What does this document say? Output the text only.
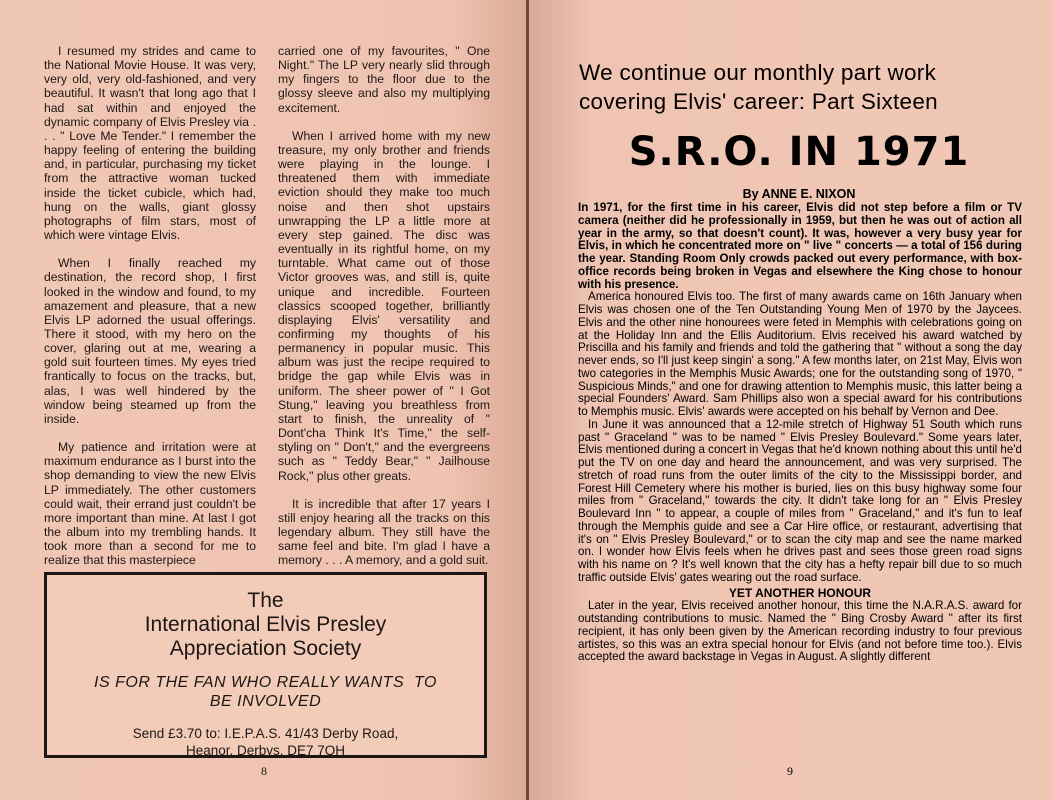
I resumed my strides and came to the National Movie House. It was very, very old, very old-fashioned, and very beautiful. It wasn't that long ago that I had sat within and enjoyed the dynamic company of Elvis Presley via . . . " Love Me Tender." I remember the happy feeling of entering the building and, in particular, purchasing my ticket from the attractive woman tucked inside the ticket cubicle, which had, hung on the walls, giant glossy photographs of film stars, most of which were vintage Elvis.

When I finally reached my destination, the record shop, I first looked in the window and found, to my amazement and pleasure, that a new Elvis LP adorned the usual offerings. There it stood, with my hero on the cover, glaring out at me, wearing a gold suit fourteen times. My eyes tried frantically to focus on the tracks, but, alas, I was well hindered by the window being steamed up from the inside.

My patience and irritation were at maximum endurance as I burst into the shop demanding to view the new Elvis LP immediately. The other customers could wait, their errand just couldn't be more important than mine. At last I got the album into my trembling hands. It took more than a second for me to realize that this masterpiece

carried one of my favourites, " One Night." The LP very nearly slid through my fingers to the floor due to the glossy sleeve and also my multiplying excitement.

When I arrived home with my new treasure, my only brother and friends were playing in the lounge. I threatened them with immediate eviction should they make too much noise and then shot upstairs unwrapping the LP a little more at every step gained. The disc was eventually in its rightful home, on my turntable. What came out of those Victor grooves was, and still is, quite unique and incredible. Fourteen classics scooped together, brilliantly displaying Elvis' versatility and confirming my thoughts of his permanency in popular music. This album was just the recipe required to bridge the gap while Elvis was in uniform. The sheer power of " I Got Stung," leaving you breathless from start to finish, the unreality of " Dont'cha Think It's Time," the self-styling on " Don't," and the evergreens such as " Teddy Bear," " Jailhouse Rock," plus other greats.

It is incredible that after 17 years I still enjoy hearing all the tracks on this legendary album. They still have the same feel and bite. I'm glad I have a memory . . . A memory, and a gold suit.

The
International Elvis Presley
Appreciation Society
IS FOR THE FAN WHO REALLY WANTS  TO
BE INVOLVED
Send £3.70 to: I.E.P.A.S. 41/43 Derby Road,
Heanor, Derbys. DE7 7QH
8
We continue our monthly part work
covering Elvis' career: Part Sixteen
S.R.O. IN 1971
By ANNE E. NIXON

In 1971, for the first time in his career, Elvis did not step before a film or TV camera (neither did he professionally in 1959, but then he was out of action all year in the army, so that doesn't count). It was, however a very busy year for Elvis, in which he concentrated more on " live " concerts — a total of 156 during the year. Standing Room Only crowds packed out every performance, with box-office records being broken in Vegas and elsewhere the King chose to honour with his presence.

America honoured Elvis too. The first of many awards came on 16th January when Elvis was chosen one of the Ten Outstanding Young Men of 1970 by the Jaycees. Elvis and the other nine honourees were feted in Memphis with celebrations going on at the Holiday Inn and the Ellis Auditorium. Elvis received his award watched by Priscilla and his family and friends and told the gathering that " without a song the day never ends, so I'll just keep singin' a song." A few months later, on 21st May, Elvis won two categories in the Memphis Music Awards; one for the outstanding song of 1970, " Suspicious Minds," and one for drawing attention to Memphis music, this latter being a special Founders' Award. Sam Phillips also won a special award for his contributions to Memphis music. Elvis' awards were accepted on his behalf by Vernon and Dee.

In June it was announced that a 12-mile stretch of Highway 51 South which runs past " Graceland " was to be named " Elvis Presley Boulevard." Some years later, Elvis mentioned during a concert in Vegas that he'd known nothing about this until he'd put the TV on one day and heard the announcement, and was very surprised. The stretch of road runs from the outer limits of the city to the Mississippi border, and Forest Hill Cemetery where his mother is buried, lies on this busy highway some four miles from " Graceland," towards the city. It didn't take long for an " Elvis Presley Boulevard Inn " to appear, a couple of miles from " Graceland," and it's fun to leaf through the Memphis guide and see a Car Hire office, or restaurant, advertising that it's on " Elvis Presley Boulevard," or to scan the city map and see the name marked on. I wonder how Elvis feels when he drives past and sees those green road signs with his name on ? It's well known that the city has a hefty repair bill due to so much traffic outside Elvis' gates wearing out the road surface.

YET ANOTHER HONOUR

Later in the year, Elvis received another honour, this time the N.A.R.A.S. award for outstanding contributions to music. Named the " Bing Crosby Award " after its first recipient, it has only been given by the American recording industry to four previous artistes, so this was an extra special honour for Elvis (and not before time too.). Elvis accepted the award backstage in Vegas in August. A slightly different

9
